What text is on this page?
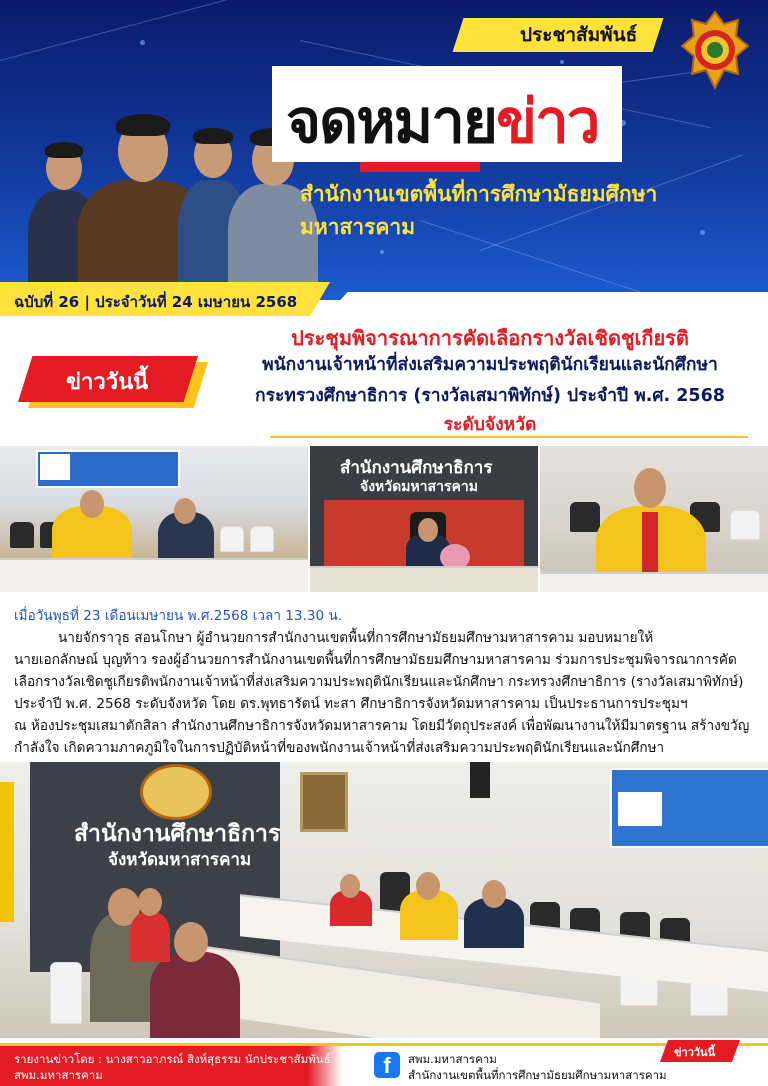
ประชาสัมพันธ์
จดหมายข่าว
สำนักงานเขตพื้นที่การศึกษามัธยมศึกษามหาสารคาม
ฉบับที่ 26 | ประจำวันที่ 24 เมษายน 2568
ข่าววันนี้
ประชุมพิจารณาการคัดเลือกรางวัลเชิดชูเกียรติ
พนักงานเจ้าหน้าที่ส่งเสริมความประพฤตินักเรียนและนักศึกษา
กระทรวงศึกษาธิการ (รางวัลเสมาพิทักษ์) ประจำปี พ.ศ. 2568
ระดับจังหวัด
สำนักงานศึกษาธิการ
จังหวัดมหาสารคาม
เมื่อวันพุธที่ 23 เดือนเมษายน พ.ศ.2568 เวลา 13.30 น.
นายจักราวุธ สอนโกษา ผู้อำนวยการสำนักงานเขตพื้นที่การศึกษามัธยมศึกษามหาสารคาม มอบหมายให้
นายเอกลักษณ์ บุญท้าว รองผู้อำนวยการสำนักงานเขตพื้นที่การศึกษามัธยมศึกษามหาสารคาม ร่วมการประชุมพิจารณาการคัด
เลือกรางวัลเชิดชูเกียรติพนักงานเจ้าหน้าที่ส่งเสริมความประพฤตินักเรียนและนักศึกษา กระทรวงศึกษาธิการ (รางวัลเสมาพิทักษ์)
ประจำปี พ.ศ. 2568 ระดับจังหวัด โดย ดร.พุทธารัตน์ ทะสา ศึกษาธิการจังหวัดมหาสารคาม เป็นประธานการประชุมฯ
ณ ห้องประชุมเสมาตักสิลา สำนักงานศึกษาธิการจังหวัดมหาสารคาม โดยมีวัตถุประสงค์ เพื่อพัฒนางานให้มีมาตรฐาน สร้างขวัญ
กำลังใจ เกิดความภาคภูมิใจในการปฏิบัติหน้าที่ของพนักงานเจ้าหน้าที่ส่งเสริมความประพฤตินักเรียนและนักศึกษา
สำนักงานศึกษาธิการ
จังหวัดมหาสารคาม
รายงานข่าวโดย : นางสาวอาภรณ์ สิงห์สุธรรม นักประชาสัมพันธ์
สพม.มหาสารคาม	f	สพม.มหาสารคาม
สำนักงานเขตพื้นที่การศึกษามัธยมศึกษามหาสารคาม
ข่าววันนี้
